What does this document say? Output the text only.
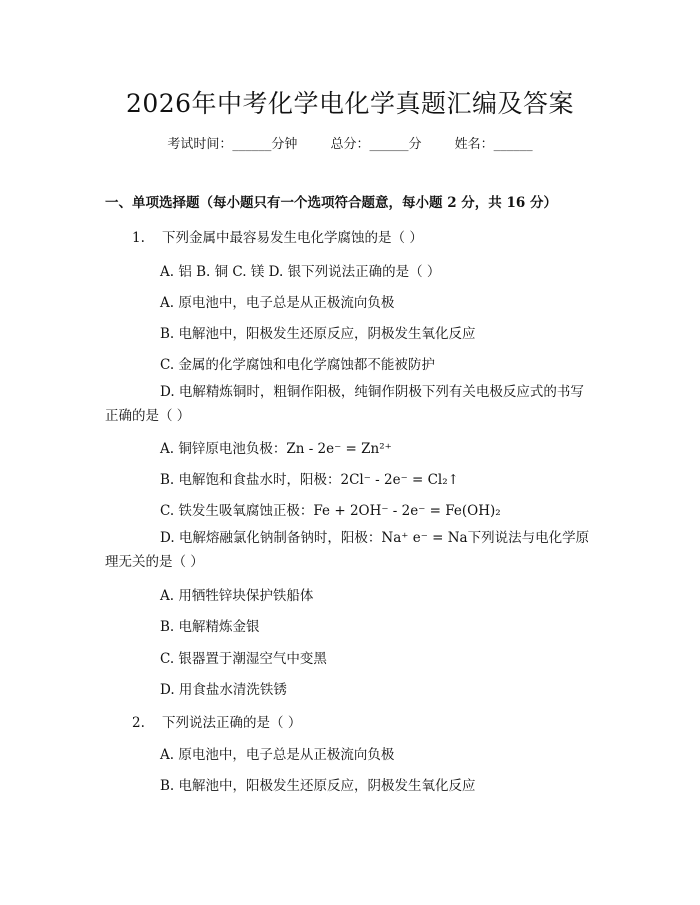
2026年中考化学电化学真题汇编及答案
考试时间：______分钟	总分：______分	姓名：______
一、单项选择题（每小题只有一个选项符合题意，每小题 2 分，共 16 分）
1.    下列金属中最容易发生电化学腐蚀的是（ ）
A. 铝 B. 铜 C. 镁 D. 银下列说法正确的是（ ）
A. 原电池中，电子总是从正极流向负极
B. 电解池中，阳极发生还原反应，阴极发生氧化反应
C. 金属的化学腐蚀和电化学腐蚀都不能被防护
D. 电解精炼铜时，粗铜作阳极，纯铜作阴极下列有关电极反应式的书写正确的是（ ）
A. 铜锌原电池负极：Zn - 2e⁻ = Zn²⁺
B. 电解饱和食盐水时，阳极：2Cl⁻ - 2e⁻ = Cl₂↑
C. 铁发生吸氧腐蚀正极：Fe + 2OH⁻ - 2e⁻ = Fe(OH)₂
D. 电解熔融氯化钠制备钠时，阳极：Na⁺ e⁻ = Na下列说法与电化学原理无关的是（ ）
A. 用牺牲锌块保护铁船体
B. 电解精炼金银
C. 银器置于潮湿空气中变黑
D. 用食盐水清洗铁锈
2.    下列说法正确的是（ ）
A. 原电池中，电子总是从正极流向负极
B. 电解池中，阳极发生还原反应，阴极发生氧化反应
